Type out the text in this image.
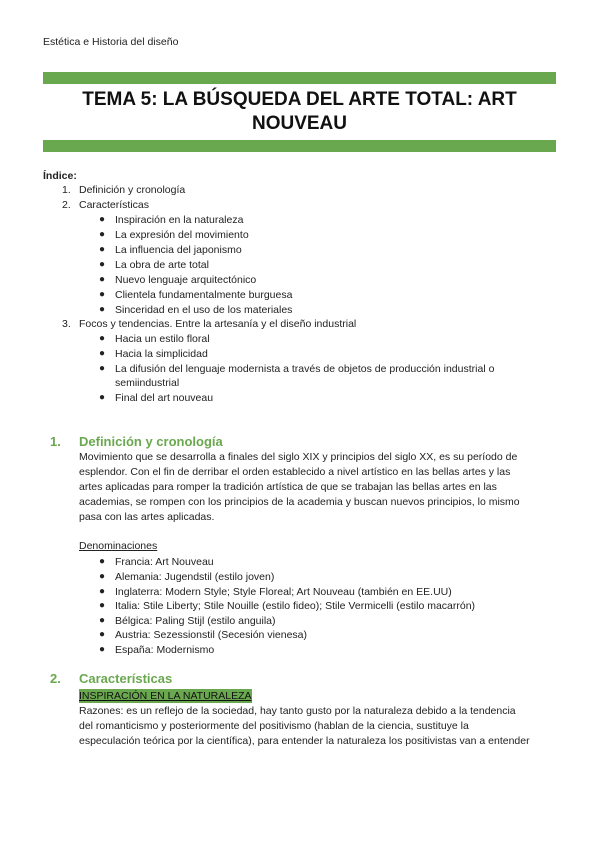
Estética e Historia del diseño
TEMA 5: LA BÚSQUEDA DEL ARTE TOTAL: ART
NOUVEAU
Índice:
1. Definición y cronología
2. Características
● Inspiración en la naturaleza
● La expresión del movimiento
● La influencia del japonismo
● La obra de arte total
● Nuevo lenguaje arquitectónico
● Clientela fundamentalmente burguesa
● Sinceridad en el uso de los materiales
3. Focos y tendencias. Entre la artesanía y el diseño industrial
● Hacia un estilo floral
● Hacia la simplicidad
● La difusión del lenguaje modernista a través de objetos de producción industrial o
semiindustrial
● Final del art nouveau
1. Definición y cronología
Movimiento que se desarrolla a finales del siglo XIX y principios del siglo XX, es su período de
esplendor. Con el fin de derribar el orden establecido a nivel artístico en las bellas artes y las
artes aplicadas para romper la tradición artística de que se trabajan las bellas artes en las
academias, se rompen con los principios de la academia y buscan nuevos principios, lo mismo
pasa con las artes aplicadas.
Denominaciones
● Francia: Art Nouveau
● Alemania: Jugendstil (estilo joven)
● Inglaterra: Modern Style; Style Floreal; Art Nouveau (también en EE.UU)
● Italia: Stile Liberty; Stile Nouille (estilo fideo); Stile Vermicelli (estilo macarrón)
● Bélgica: Paling Stijl (estilo anguila)
● Austria: Sezessionstil (Secesión vienesa)
● España: Modernismo
2. Características
INSPIRACIÓN EN LA NATURALEZA
Razones: es un reflejo de la sociedad, hay tanto gusto por la naturaleza debido a la tendencia
del romanticismo y posteriormente del positivismo (hablan de la ciencia, sustituye la
especulación teórica por la científica), para entender la naturaleza los positivistas van a entender
